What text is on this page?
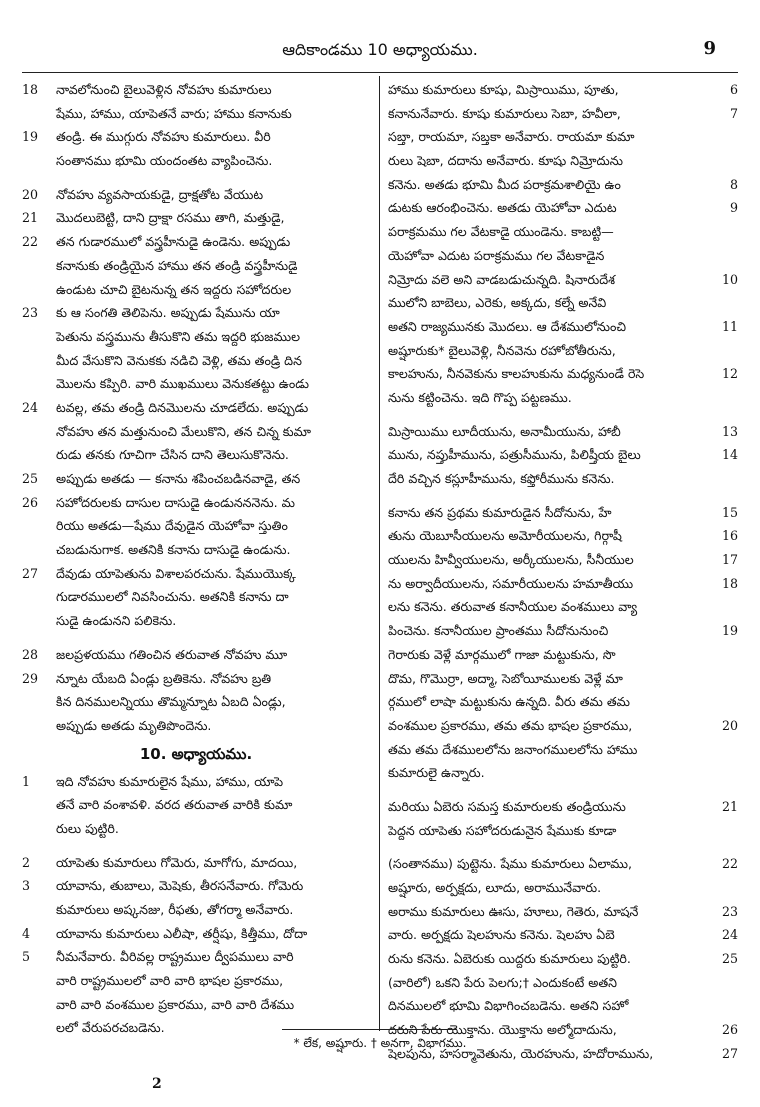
ఆదికాండము 10 అధ్యాయము.	9
18 నావలోనుంచి బైలువెళ్లిన నోవహు కుమారులు
షేము, హాము, యాపెతనే వారు; హాము కనానుకు
19 తండ్రి. ఈ ముగ్గురు నోవహు కుమారులు. వీరి
సంతానము భూమి యందంతట వ్యాపించెను.
20 నోవహు వ్యవసాయకుడై, ద్రాక్షతోట వేయుట
21 మొదలుబెట్టి, దాని ద్రాక్షా రసము తాగి, మత్తుడై,
22 తన గుడారములో వస్త్రహీనుడై ఉండెను. అప్పుడు
కనానుకు తండ్రియైన హాము తన తండ్రి వస్త్రహీనుడై
ఉండుట చూచి బైటనున్న తన ఇద్దరు సహోదరుల
23 కు ఆ సంగతి తెలిపెను. అప్పుడు షేమును యా
పెతును వస్త్రమును తీసుకొని తమ ఇద్దరి భుజముల
మీద వేసుకొని వెనుకకు నడిచి వెళ్లి, తమ తండ్రి దిన
మొలను కప్పిరి. వారి ముఖములు వెనుకతట్టు ఉండు
24 టవల్ల, తమ తండ్రి దినమొలను చూడలేదు. అప్పుడు
నోవహు తన మత్తునుంచి మేలుకొని, తన చిన్న కుమా
రుడు తనకు గూచిగా చేసిన దాని తెలుసుకొనెను.
25 అప్పుడు అతడు — కనాను శపించబడినవాడై, తన
26 సహోదరులకు దాసుల దాసుడై ఉండునననెను. మ
రియు అతడు—షేము దేవుడైన యెహోవా స్తుతిం
చబడునుగాక. అతనికి కనాను దాసుడై ఉండును.
27 దేవుడు యాపెతును విశాలపరచును. షేముయొక్క
గుడారములలో నివసించును. అతనికి కనాను దా
సుడై ఉండునని పలికెను.
28 జలప్రళయము గతించిన తరువాత నోవహు మూ
29 న్నూట యేబది ఏండ్లు బ్రతికెను. నోవహు బ్రతి
కిన దినములన్నియు తొమ్మన్నూట ఏబది ఏండ్లు,
అప్పుడు అతడు మృతిపొందెను.
10. అధ్యాయము.
1 ఇది నోవహు కుమారులైన షేము, హాము, యాపె
తనే వారి వంశావళి. వరద తరువాత వారికి కుమా
రులు పుట్టిరి.
2 యాపెతు కుమారులు గోమెరు, మాగోగు, మాదయి,
3 యావాను, తుబాలు, మెషెకు, తీరసనేవారు. గోమెరు
కుమారులు అష్కనజు, రీఫతు, తోగర్మా అనేవారు.
4 యావాను కుమారులు ఎలీషా, తర్షీషు, కిత్తీము, దోదా
5 నీమనేవారు. వీరివల్ల రాష్ట్రముల ద్వీపములు వారి
వారి రాష్ట్రములలో వారి వారి భాషల ప్రకారము,
వారి వారి వంశముల ప్రకారము, వారి వారి దేశము
లలో వేరుపరచబడెను.
6
హాము కుమారులు కూషు, మిస్రాయిము, పూతు,
7
కనానునేవారు. కూషు కుమారులు సెబా, హవీలా,
సబ్తా, రాయమా, సబ్తకా అనేవారు. రాయమా కుమా
రులు షెబా, దదాను అనేవారు. కూషు నిమ్రోదును
8
కనెను. అతడు భూమి మీద పరాక్రమశాలియై ఉం
9
డుటకు ఆరంభించెను. అతడు యెహోవా ఎదుట
పరాక్రమము గల వేటకాడై యుండెను. కాబట్టి—
యెహోవా ఎదుట పరాక్రమము గల వేటకాడైన
10
నిమ్రోదు వలె అని వాడబడుచున్నది. షినారుదేశ
ములోని బాబెలు, ఎరెకు, అక్కదు, కల్నే అనేవి
11
అతని రాజ్యమునకు మొదలు. ఆ దేశములోనుంచి
అష్షూరుకు* బైలువెళ్లి, నీనవెను రహోబోతీరును,
12
కాలహును, నీనవెకును కాలహుకును మధ్యనుండే రెసె
నును కట్టించెను. ఇది గొప్ప పట్టణము.
13
మిస్రాయిము లూదీయును, అనామీయును, హాబీ
14
మును, నప్తుహీమును, పత్రుసీమును, పిలిష్తీయ బైలు
దేరి వచ్చిన కస్లూహీమును, కఫ్తోరీమును కనెను.
15
కనాను తన ప్రథమ కుమారుడైన సీదోనును, హే
16
తును యెబూసీయులను అమోరీయులను, గిర్గాషీ
17
యులను హివ్వీయులను, అర్కీయులను, సీనీయుల
18
ను అర్వాదీయులను, సమారీయులను హమాతీయు
లను కనెను. తరువాత కనానీయుల వంశములు వ్యా
19
పించెను. కనానీయుల ప్రాంతము సీదోనునుంచి
గెరారుకు వెళ్లే మార్గములో గాజా మట్టుకును, సొ
దొమ, గొమొర్రా, అద్మా, సెబోయీములకు వెళ్లే మా
ర్గములో లాషా మట్టుకును ఉన్నది. వీరు తమ తమ
20
వంశముల ప్రకారము, తమ తమ భాషల ప్రకారము,
తమ తమ దేశములలోను జనాంగములలోను హాము
కుమారులై ఉన్నారు.
21
మరియు ఏబెరు సమస్త కుమారులకు తండ్రియును
పెద్దన యాపెతు సహోదరుడునైన షేముకు కూడా
22
(సంతానము) పుట్టెను. షేము కుమారులు ఏలాము,
అష్షూరు, అర్పక్షదు, లూదు, అరామునేవారు.
23
అరాము కుమారులు ఊసు, హూలు, గెతెరు, మాషనే
24
వారు. అర్పక్షదు షెలహును కనెను. షెలహు ఏబె
25
రును కనెను. ఏబెరుకు యిద్దరు కుమారులు పుట్టిరి.
(వారిలో) ఒకని పేరు పెలగు;† ఎందుకంటే అతని
దినములలో భూమి విభాగించబడెను. అతని సహో
26
దరుని పేరు యొక్తాను. యొక్తాను అల్మోదాదును,
27
షెలపును, హసర్మావెతును, యెరహును, హదోరామును,
* లేక, అష్షూరు. † అనగా, విభాగము.
2
